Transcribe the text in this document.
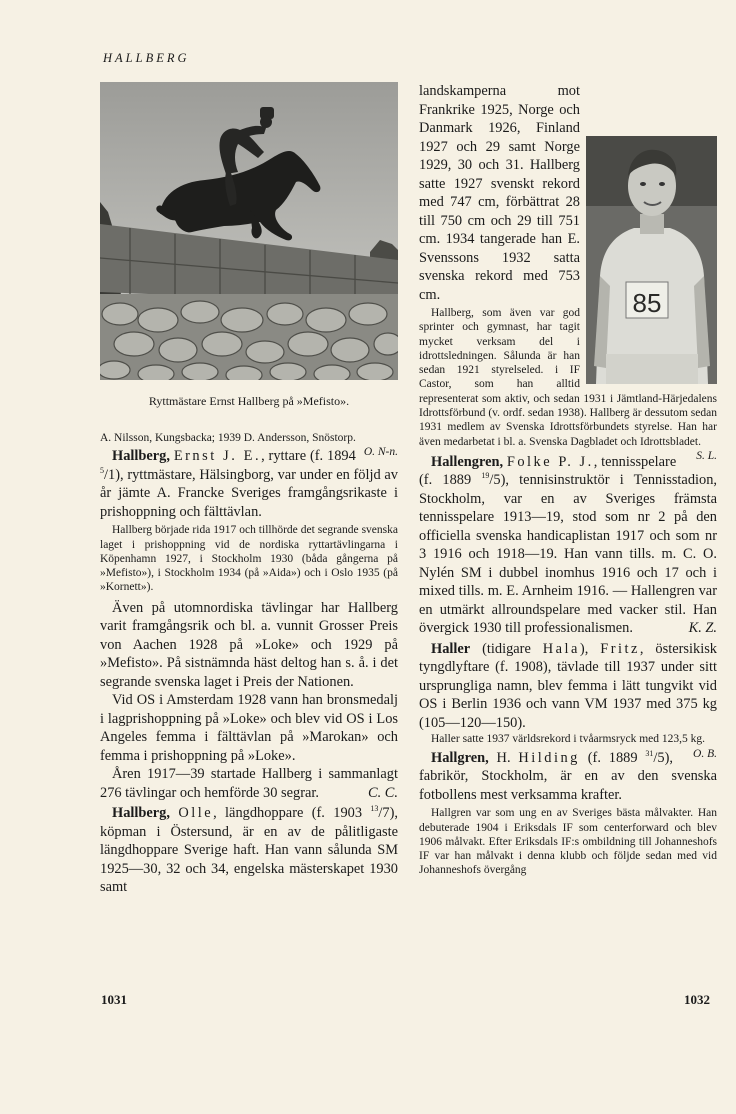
HALLBERG
Ryttmästare Ernst Hallberg på »Mefisto».

A. Nilsson, Kungsbacka; 1939 D. Andersson, Snöstorp.
O. N-n.

Hallberg, Ernst J. E., ryttare (f. 1894 $^5$/1), ryttmästare, Hälsingborg, var under en följd av år jämte A. Francke Sveriges framgångsrikaste i prishoppning och fälttävlan.

Hallberg började rida 1917 och tillhörde det segrande svenska laget i prishoppning vid de nordiska ryttartävlingarna i Köpenhamn 1927, i Stockholm 1930 (båda gångerna på »Mefisto»), i Stockholm 1934 (på »Aida») och i Oslo 1935 (på »Kornett»).

Även på utomnordiska tävlingar har Hallberg varit framgångsrik och bl. a. vunnit Grosser Preis von Aachen 1928 på »Loke» och 1929 på »Mefisto». På sistnämnda häst deltog han s. å. i det segrande svenska laget i Preis der Nationen.

Vid OS i Amsterdam 1928 vann han bronsmedalj i lagprishoppning på »Loke» och blev vid OS i Los Angeles femma i fälttävlan på »Marokan» och femma i prishoppning på »Loke».

Åren 1917—39 startade Hallberg i sammanlagt 276 tävlingar och hemförde 30 segrar.	C. C.

Hallberg, Olle, längdhoppare (f. 1903 $^{13}$/7), köpman i Östersund, är en av de pålitligaste längdhoppare Sverige haft. Han vann sålunda SM 1925—30, 32 och 34, engelska mästerskapet 1930 samt

85
landskamperna mot Frankrike 1925, Norge och Danmark 1926, Finland 1927 och 29 samt Norge 1929, 30 och 31. Hallberg satte 1927 svenskt rekord med 747 cm, förbättrat 28 till 750 cm och 29 till 751 cm. 1934 tangerade han E. Svenssons 1932 satta svenska rekord med 753 cm.

Hallberg, som även var god sprinter och gymnast, har tagit mycket verksam del i idrottsledningen. Sålunda är han sedan 1921 styrelseled. i IF Castor, som han alltid representerat som aktiv, och sedan 1931 i Jämtland-Härjedalens Idrottsförbund (v. ordf. sedan 1938). Hallberg är dessutom sedan 1931 medlem av Svenska Idrottsförbundets styrelse. Han har även medarbetat i bl. a. Svenska Dagbladet och Idrottsbladet.
S. L.

Hallengren, Folke P. J., tennisspelare (f. 1889 $^{19}$/5), tennisinstruktör i Tennisstadion, Stockholm, var en av Sveriges främsta tennisspelare 1913—19, stod som nr 2 på den officiella svenska handicaplistan 1917 och som nr 3 1916 och 1918—19. Han vann tills. m. C. O. Nylén SM i dubbel inomhus 1916 och 17 och i mixed tills. m. E. Arnheim 1916. — Hallengren var en utmärkt allroundspelare med vacker stil. Han övergick 1930 till professionalismen.	K. Z.

Haller (tidigare Hala), Fritz, östersikisk tyngdlyftare (f. 1908), tävlade till 1937 under sitt ursprungliga namn, blev femma i lätt tungvikt vid OS i Berlin 1936 och vann VM 1937 med 375 kg (105—120—150).

Haller satte 1937 världsrekord i tvåarmsryck med 123,5 kg.
O. B.

Hallgren, H. Hilding (f. 1889 $^{31}$/5), fabrikör, Stockholm, är en av den svenska fotbollens mest verksamma krafter.

Hallgren var som ung en av Sveriges bästa målvakter. Han debuterade 1904 i Eriksdals IF som centerforward och blev 1906 målvakt. Efter Eriksdals IF:s ombildning till Johanneshofs IF var han målvakt i denna klubb och följde sedan med vid Johanneshofs övergång

1031	1032
